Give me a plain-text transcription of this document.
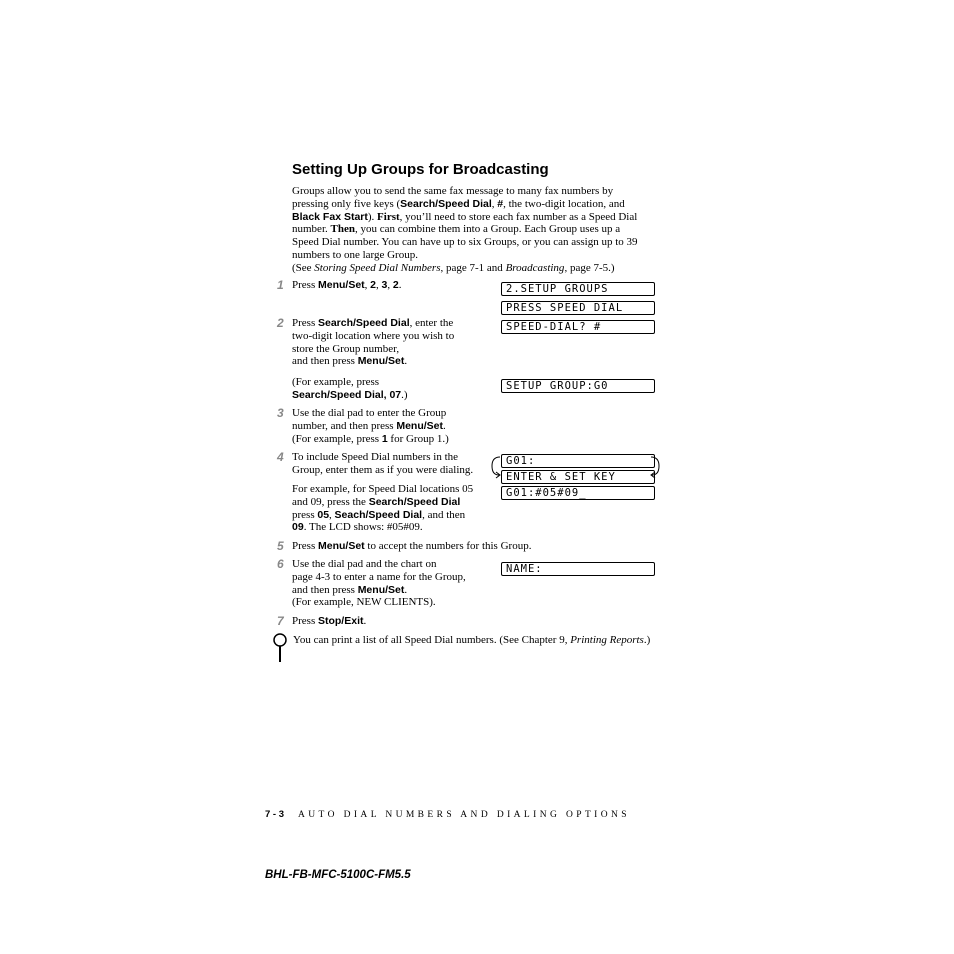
Setting Up Groups for Broadcasting
Groups allow you to send the same fax message to many fax numbers by
pressing only five keys (Search/Speed Dial, #, the two-digit location, and
Black Fax Start). First, you’ll need to store each fax number as a Speed Dial
number. Then, you can combine them into a Group. Each Group uses up a
Speed Dial number. You can have up to six Groups, or you can assign up to 39
numbers to one large Group.
(See Storing Speed Dial Numbers, page 7-1 and Broadcasting, page 7-5.)
1 Press Menu/Set, 2, 3, 2.
2 Press Search/Speed Dial, enter the
two-digit location where you wish to
store the Group number,
and then press Menu/Set.
(For example, press
Search/Speed Dial, 07.)
3 Use the dial pad to enter the Group
number, and then press Menu/Set.
(For example, press 1 for Group 1.)
4 To include Speed Dial numbers in the
Group, enter them as if you were dialing.
For example, for Speed Dial locations 05
and 09, press the Search/Speed Dial
press 05, Seach/Speed Dial, and then
09. The LCD shows: #05#09.
5 Press Menu/Set to accept the numbers for this Group.
6 Use the dial pad and the chart on
page 4-3 to enter a name for the Group,
and then press Menu/Set.
(For example, NEW CLIENTS).
7 Press Stop/Exit.
2.SETUP GROUPS
PRESS SPEED DIAL
SPEED-DIAL? #
SETUP GROUP:G0
G01:
ENTER & SET KEY
G01:#05#09_
NAME:
You can print a list of all Speed Dial numbers. (See Chapter 9, Printing Reports.)
7 - 3 AUTO DIAL NUMBERS AND DIALING OPTIONS
BHL-FB-MFC-5100C-FM5.5
